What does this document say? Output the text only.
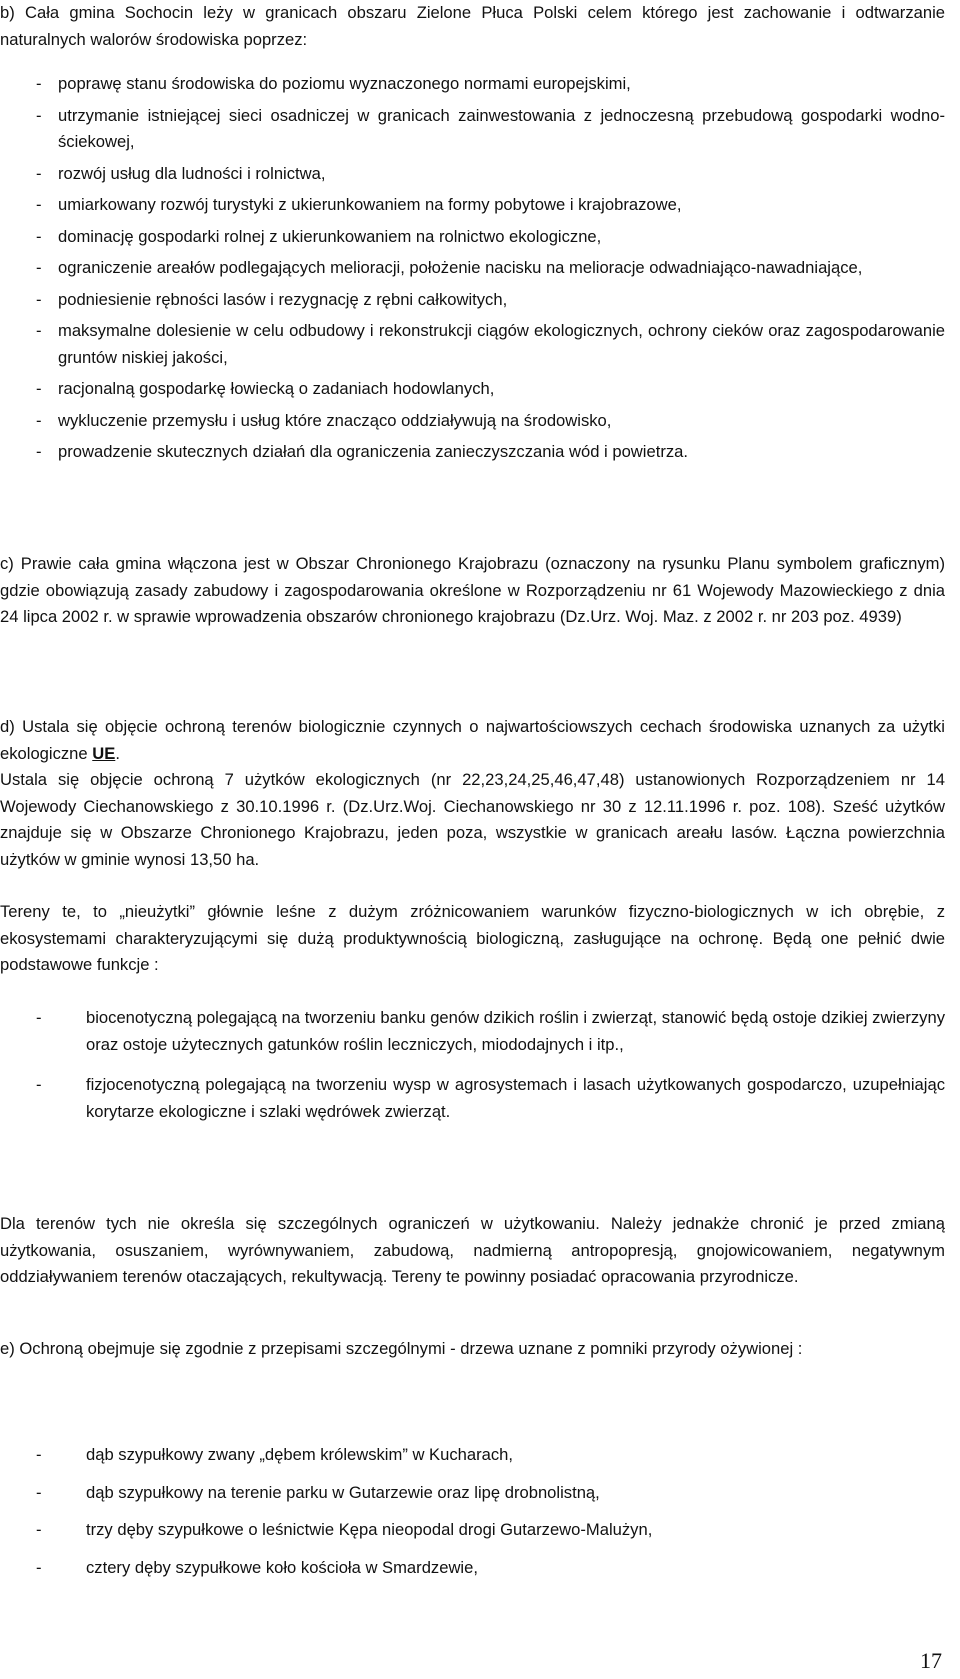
b) Cała gmina Sochocin leży w granicach obszaru Zielone Płuca Polski celem którego jest zachowanie i odtwarzanie naturalnych walorów środowiska poprzez:
- poprawę stanu środowiska do poziomu wyznaczonego normami europejskimi,
- utrzymanie istniejącej sieci osadniczej w granicach zainwestowania z jednoczesną przebudową gospodarki wodno-ściekowej,
- rozwój usług dla ludności i rolnictwa,
- umiarkowany rozwój turystyki z ukierunkowaniem na formy pobytowe i krajobrazowe,
- dominację gospodarki rolnej z ukierunkowaniem na rolnictwo ekologiczne,
- ograniczenie areałów podlegających melioracji, położenie nacisku na melioracje odwadniająco-nawadniające,
- podniesienie rębności lasów i rezygnację z rębni całkowitych,
- maksymalne dolesienie w celu odbudowy i rekonstrukcji ciągów ekologicznych, ochrony cieków oraz zagospodarowanie gruntów niskiej jakości,
- racjonalną gospodarkę łowiecką o zadaniach hodowlanych,
- wykluczenie przemysłu i usług które znacząco oddziaływują na środowisko,
- prowadzenie skutecznych działań dla ograniczenia zanieczyszczania wód i powietrza.
c) Prawie cała gmina włączona jest w Obszar Chronionego Krajobrazu (oznaczony na rysunku Planu symbolem graficznym) gdzie obowiązują zasady zabudowy i zagospodarowania określone w Rozporządzeniu nr 61 Wojewody Mazowieckiego z dnia 24 lipca 2002 r. w sprawie wprowadzenia obszarów chronionego krajobrazu (Dz.Urz. Woj. Maz. z 2002 r. nr 203 poz. 4939)
d) Ustala się objęcie ochroną terenów biologicznie czynnych o najwartościowszych cechach środowiska uznanych za użytki ekologiczne UE.
Ustala się objęcie ochroną 7 użytków ekologicznych (nr 22,23,24,25,46,47,48) ustanowionych Rozporządzeniem nr 14 Wojewody Ciechanowskiego z 30.10.1996 r. (Dz.Urz.Woj. Ciechanowskiego nr 30 z 12.11.1996 r. poz. 108). Sześć użytków znajduje się w Obszarze Chronionego Krajobrazu, jeden poza, wszystkie w granicach areału lasów. Łączna powierzchnia użytków w gminie wynosi 13,50 ha.
Tereny te, to „nieużytki” głównie leśne z dużym zróżnicowaniem warunków fizyczno-biologicznych w ich obrębie, z ekosystemami charakteryzującymi się dużą produktywnością biologiczną, zasługujące na ochronę. Będą one pełnić dwie podstawowe funkcje :
-	biocenotyczną polegającą na tworzeniu banku genów dzikich roślin i zwierząt, stanowić będą ostoje dzikiej zwierzyny oraz ostoje użytecznych gatunków roślin leczniczych, miododajnych i itp.,
-	fizjocenotyczną polegającą na tworzeniu wysp w agrosystemach i lasach użytkowanych gospodarczo, uzupełniając korytarze ekologiczne i szlaki wędrówek zwierząt.
Dla terenów tych nie określa się szczególnych ograniczeń w użytkowaniu. Należy jednakże chronić je przed zmianą użytkowania, osuszaniem, wyrównywaniem, zabudową, nadmierną antropopresją, gnojowicowaniem, negatywnym oddziaływaniem terenów otaczających, rekultywacją. Tereny te powinny posiadać opracowania przyrodnicze.
e) Ochroną obejmuje się zgodnie z przepisami szczególnymi - drzewa uznane z pomniki przyrody ożywionej :
-	dąb szypułkowy zwany „dębem królewskim” w Kucharach,
-	dąb szypułkowy na terenie parku w Gutarzewie oraz lipę drobnolistną,
-	trzy dęby szypułkowe o leśnictwie Kępa nieopodal drogi Gutarzewo-Malużyn,
-	cztery dęby szypułkowe koło kościoła w Smardzewie,
17
